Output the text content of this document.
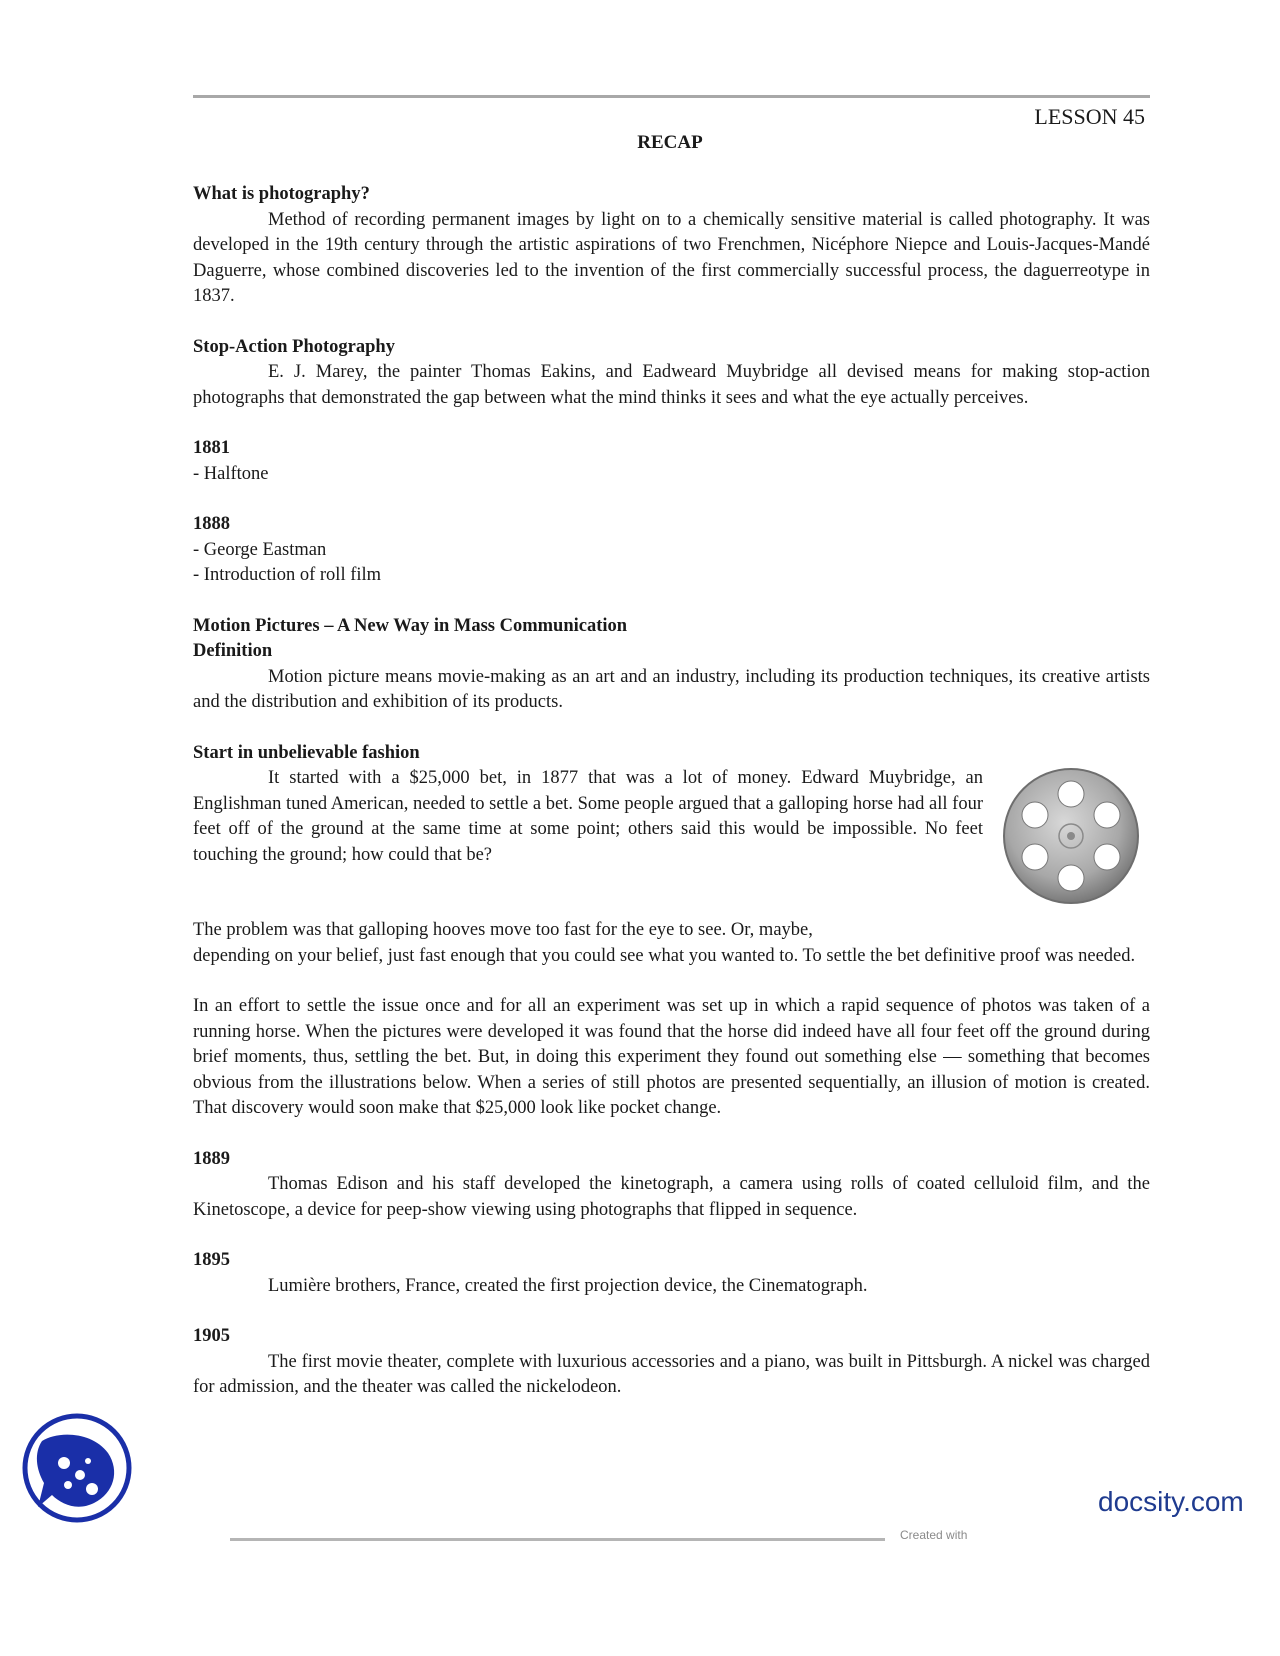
LESSON 45
RECAP
What is photography?

Method of recording permanent images by light on to a chemically sensitive material is called photography. It was developed in the 19th century through the artistic aspirations of two Frenchmen, Nicéphore Niepce and Louis-Jacques-Mandé Daguerre, whose combined discoveries led to the invention of the first commercially successful process, the daguerreotype in 1837.

Stop-Action Photography

E. J. Marey, the painter Thomas Eakins, and Eadweard Muybridge all devised means for making stop-action photographs that demonstrated the gap between what the mind thinks it sees and what the eye actually perceives.

1881
- Halftone
1888
- George Eastman
- Introduction of roll film
Motion Pictures – A New Way in Mass Communication
Definition

Motion picture means movie-making as an art and an industry, including its production techniques, its creative artists and the distribution and exhibition of its products.

Start in unbelievable fashion

It started with a $25,000 bet, in 1877 that was a lot of money. Edward Muybridge, an Englishman tuned American, needed to settle a bet. Some people argued that a galloping horse had all four feet off of the ground at the same time at some point; others said this would be impossible. No feet touching the ground; how could that be?

The problem was that galloping hooves move too fast for the eye to see. Or, maybe,

depending on your belief, just fast enough that you could see what you wanted to. To settle the bet definitive proof was needed.

In an effort to settle the issue once and for all an experiment was set up in which a rapid sequence of photos was taken of a running horse. When the pictures were developed it was found that the horse did indeed have all four feet off the ground during brief moments, thus, settling the bet. But, in doing this experiment they found out something else — something that becomes obvious from the illustrations below. When a series of still photos are presented sequentially, an illusion of motion is created. That discovery would soon make that $25,000 look like pocket change.

1889

Thomas Edison and his staff developed the kinetograph, a camera using rolls of coated celluloid film, and the Kinetoscope, a device for peep-show viewing using photographs that flipped in sequence.

1895

Lumière brothers, France, created the first projection device, the Cinematograph.

1905

The first movie theater, complete with luxurious accessories and a piano, was built in Pittsburgh. A nickel was charged for admission, and the theater was called the nickelodeon.

docsity.com
Created with
